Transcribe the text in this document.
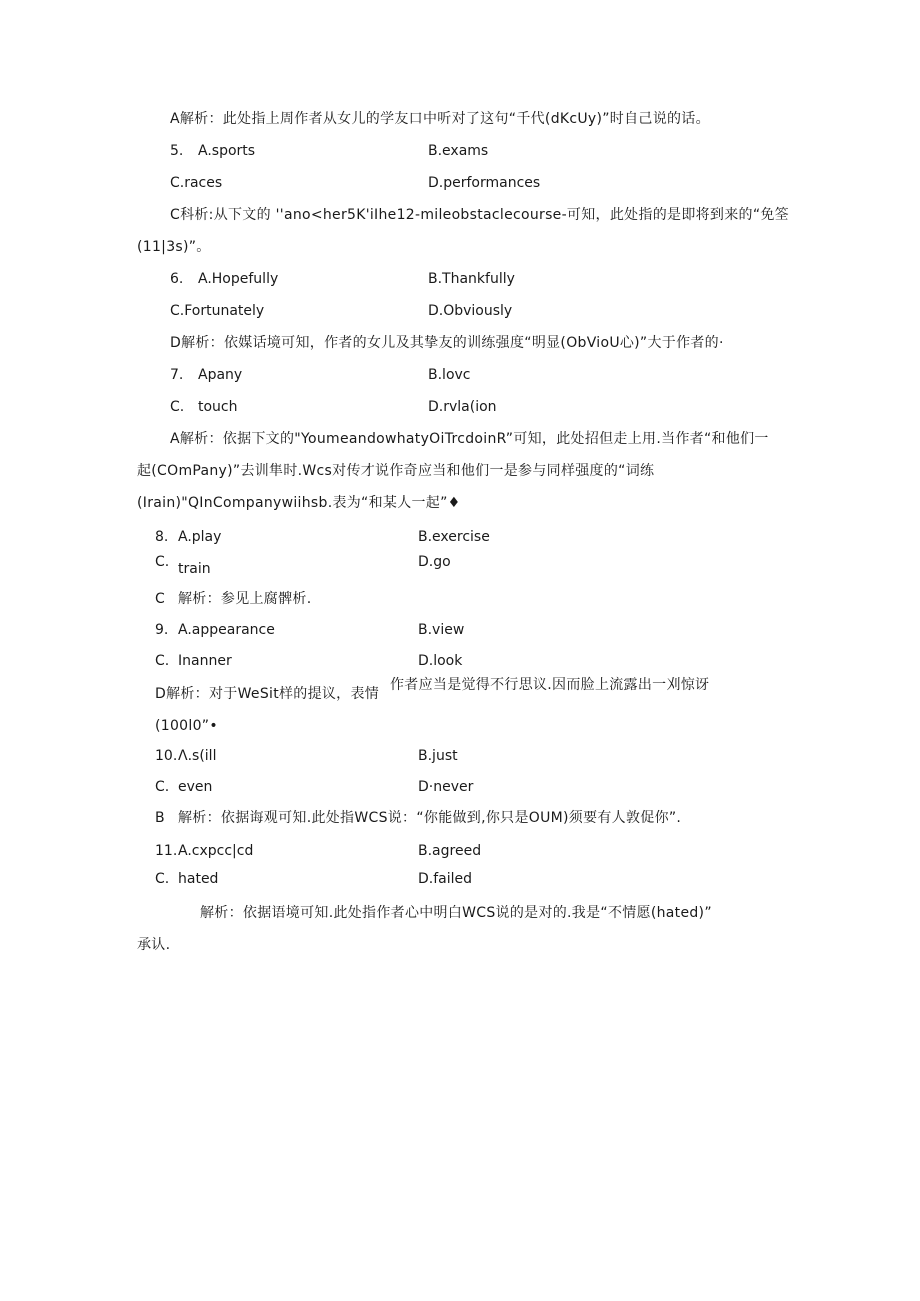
A解析：此处指上周作者从女儿的学友口中听对了这句“千代(dKcUy)”时自己说的话。
5. A.sports	B.exams
C.races	D.performances
C科析:从下文的 ''ano<her5K'iIhe12-mileobstaclecourse-可知，此处指的是即将到来的“免筌
(11|3s)”。
6. A.Hopefully	B.Thankfully
C.Fortunately	D.Obviously
D解析：依媒话境可知，作者的女儿及其挚友的训练强度“明显(ObVioU心)”大于作者的·
7. Apany	B.lovc
C. touch	D.rvla(ion
A解析：依据下文的"YoumeandowhatyOiTrcdoinR”可知，此处招但走上用.当作者“和他们一
起(COmPany)”去训隼时.Wcs对传才说作奇应当和他们一是参与同样强度的“词练
(Irain)"QInCompanywiihsb.表为“和某人一起”♦
8. A.play	B.exercise
C. train	D.go
C 解析：参见上腐髀析.
9. A.appearance	B.view
C. Inanner	D.look
D解析：对于WeSit样的提议，表情
作者应当是觉得不行思议.因而脸上流露出一刈惊讶
(100l0”•
10.Λ.s(ill	B.just
C. even	D·never
B 解析：依据诲观可知.此处指WCS说：“你能做到,你只是OUM)须要有人敦促你”.
11.A.cxpcc|cd	B.agreed
C. hated	D.failed
解析：依据语境可知.此处指作者心中明白WCS说的是对的.我是“不情愿(hated)”
承认.
